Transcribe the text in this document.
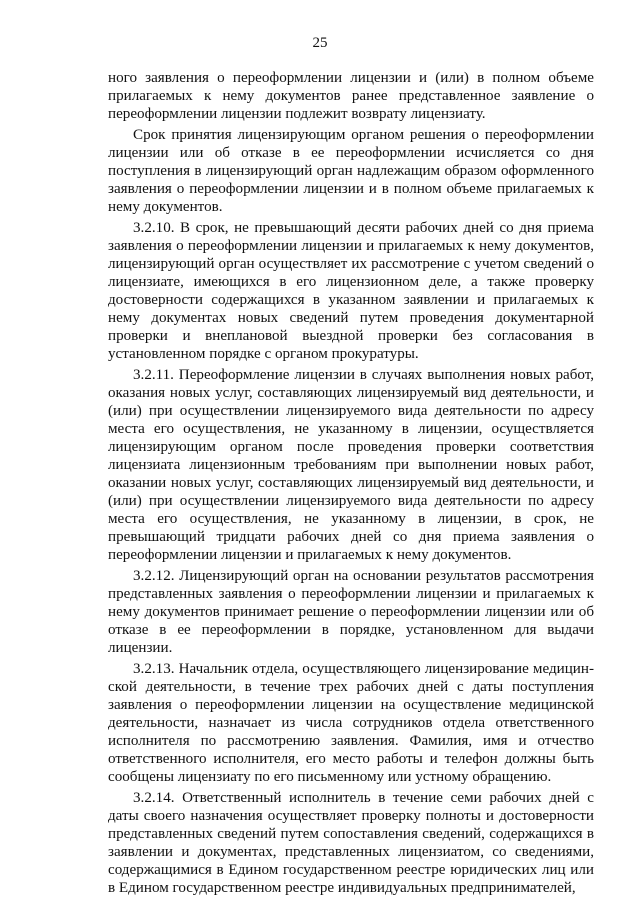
25

ного заявления о переоформлении лицензии и (или) в полном объеме прилагаемых к нему документов ранее представленное заявление о переоформлении лицензии подлежит возврату лицензиату.

Срок принятия лицензирующим органом решения о переоформлении лицензии или об отказе в ее переоформлении исчисляется со дня поступления в лицензирующий орган надлежащим образом оформленного заявления о переоформлении лицензии и в полном объеме прилагаемых к нему документов.

3.2.10. В срок, не превышающий десяти рабочих дней со дня приема заявления о переоформлении лицензии и прилагаемых к нему документов, лицензирующий орган осуществляет их рассмотрение с учетом сведений о лицензиате, имеющихся в его лицензионном деле, а также проверку достоверности содержащихся в указанном заявлении и прилагаемых к нему документах новых сведений путем проведения документарной проверки и внеплановой выездной проверки без согласования в установленном порядке с органом прокуратуры.

3.2.11. Переоформление лицензии в случаях выполнения новых работ, оказания новых услуг, составляющих лицензируемый вид деятельности, и (или) при осуществлении лицензируемого вида деятельности по адресу места его осуществления, не указанному в лицензии, осуществляется лицензирующим органом после проведения проверки соответствия лицензиата лицензионным требованиям при выполнении новых работ, оказании новых услуг, составляющих лицензируемый вид деятельности, и (или) при осуществлении лицензируемого вида деятельности по адресу места его осуществления, не указанному в лицензии, в срок, не превышающий тридцати рабочих дней со дня приема заявления о переоформлении лицензии и прилагаемых к нему документов.

3.2.12. Лицензирующий орган на основании результатов рассмотрения представленных заявления о переоформлении лицензии и прилагаемых к нему документов принимает решение о переоформлении лицензии или об отказе в ее переоформлении в порядке, установленном для выдачи лицензии.

3.2.13. Начальник отдела, осуществляющего лицензирование медицинской деятельности, в течение трех рабочих дней с даты поступления заявления о переоформлении лицензии на осуществление медицинской деятельности, назначает из числа сотрудников отдела ответственного исполнителя по рассмотрению заявления. Фамилия, имя и отчество ответственного исполнителя, его место работы и телефон должны быть сообщены лицензиату по его письменному или устному обращению.

3.2.14. Ответственный исполнитель в течение семи рабочих дней с даты своего назначения осуществляет проверку полноты и достоверности представленных сведений путем сопоставления сведений, содержащихся в заявлении и документах, представленных лицензиатом, со сведениями, содержащимися в Едином государственном реестре юридических лиц или в Едином государственном реестре индивидуальных предпринимателей,
